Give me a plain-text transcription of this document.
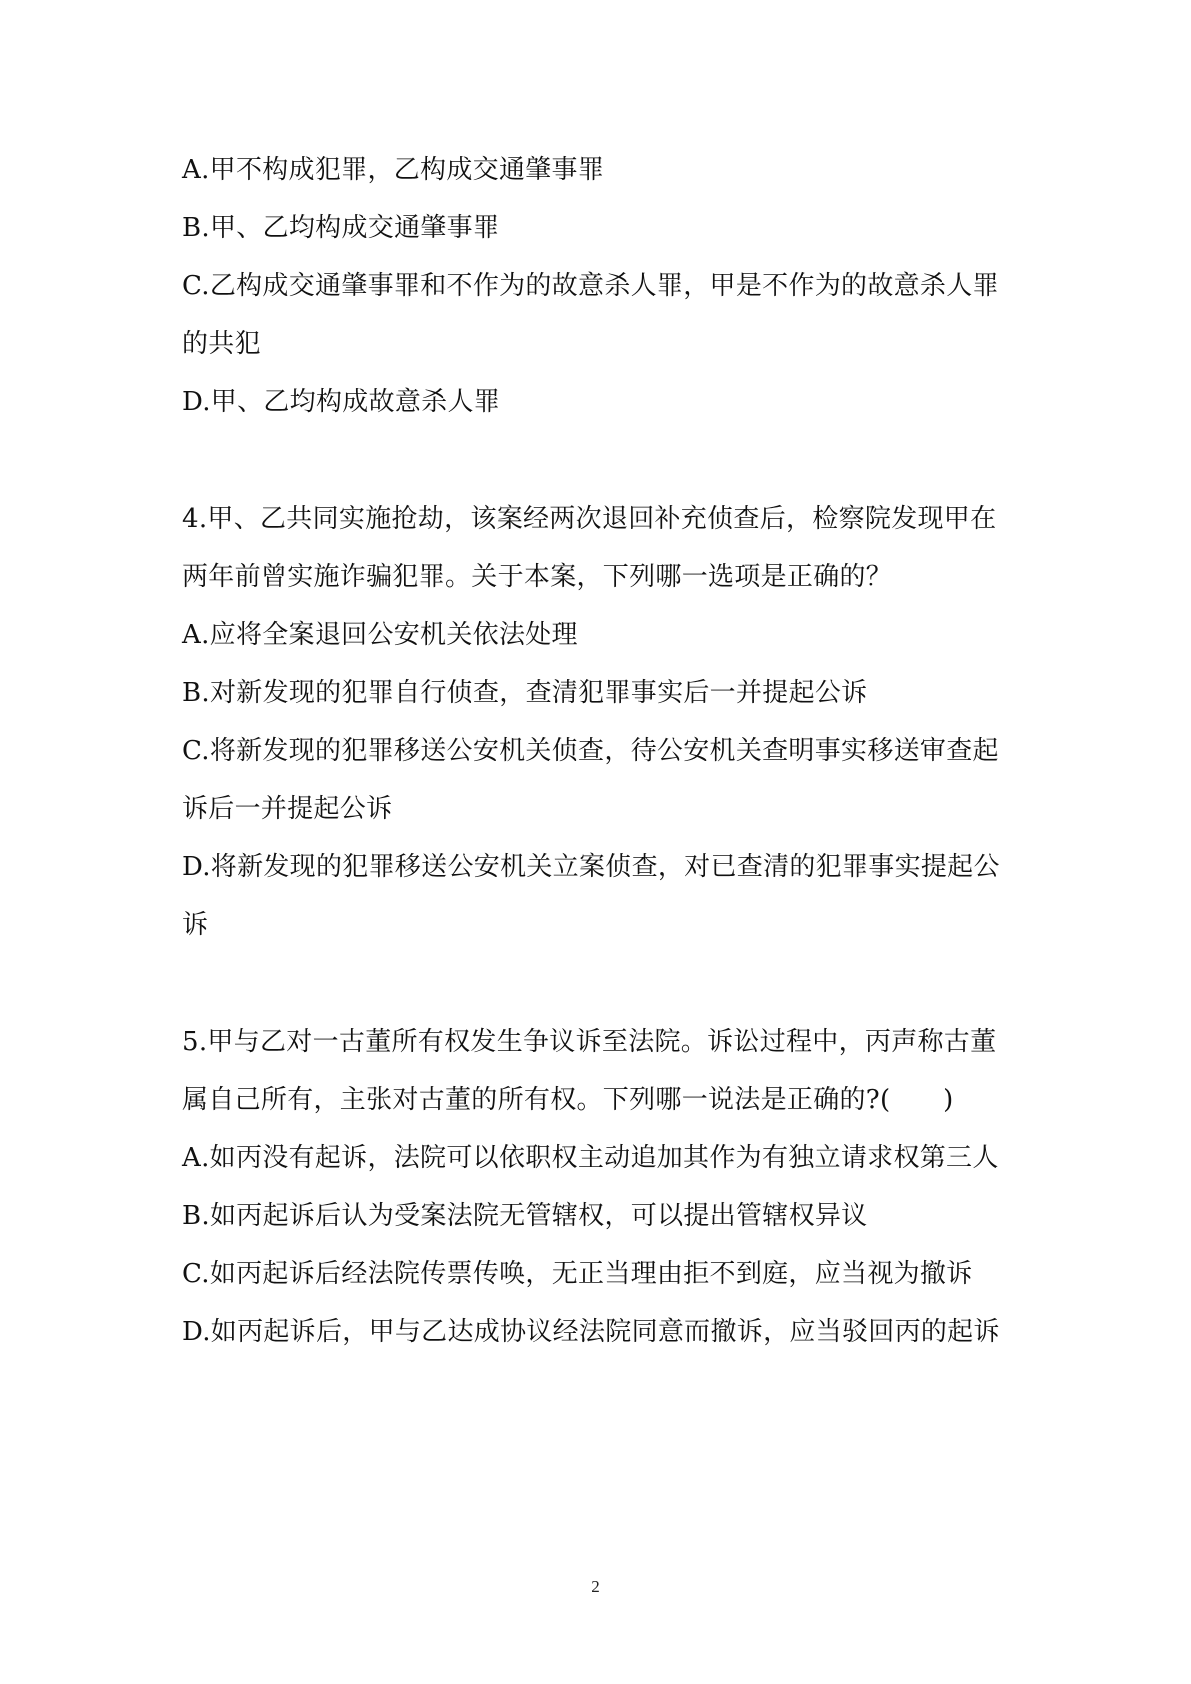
A.甲不构成犯罪，乙构成交通肇事罪
B.甲、乙均构成交通肇事罪
C.乙构成交通肇事罪和不作为的故意杀人罪，甲是不作为的故意杀人罪
的共犯
D.甲、乙均构成故意杀人罪
4.甲、乙共同实施抢劫，该案经两次退回补充侦查后，检察院发现甲在
两年前曾实施诈骗犯罪。关于本案，下列哪一选项是正确的？
A.应将全案退回公安机关依法处理
B.对新发现的犯罪自行侦查，查清犯罪事实后一并提起公诉
C.将新发现的犯罪移送公安机关侦查，待公安机关查明事实移送审查起
诉后一并提起公诉
D.将新发现的犯罪移送公安机关立案侦查，对已查清的犯罪事实提起公
诉
5.甲与乙对一古董所有权发生争议诉至法院。诉讼过程中，丙声称古董
属自己所有，主张对古董的所有权。下列哪一说法是正确的?(　　)
A.如丙没有起诉，法院可以依职权主动追加其作为有独立请求权第三人
B.如丙起诉后认为受案法院无管辖权，可以提出管辖权异议
C.如丙起诉后经法院传票传唤，无正当理由拒不到庭，应当视为撤诉
D.如丙起诉后，甲与乙达成协议经法院同意而撤诉，应当驳回丙的起诉
2
